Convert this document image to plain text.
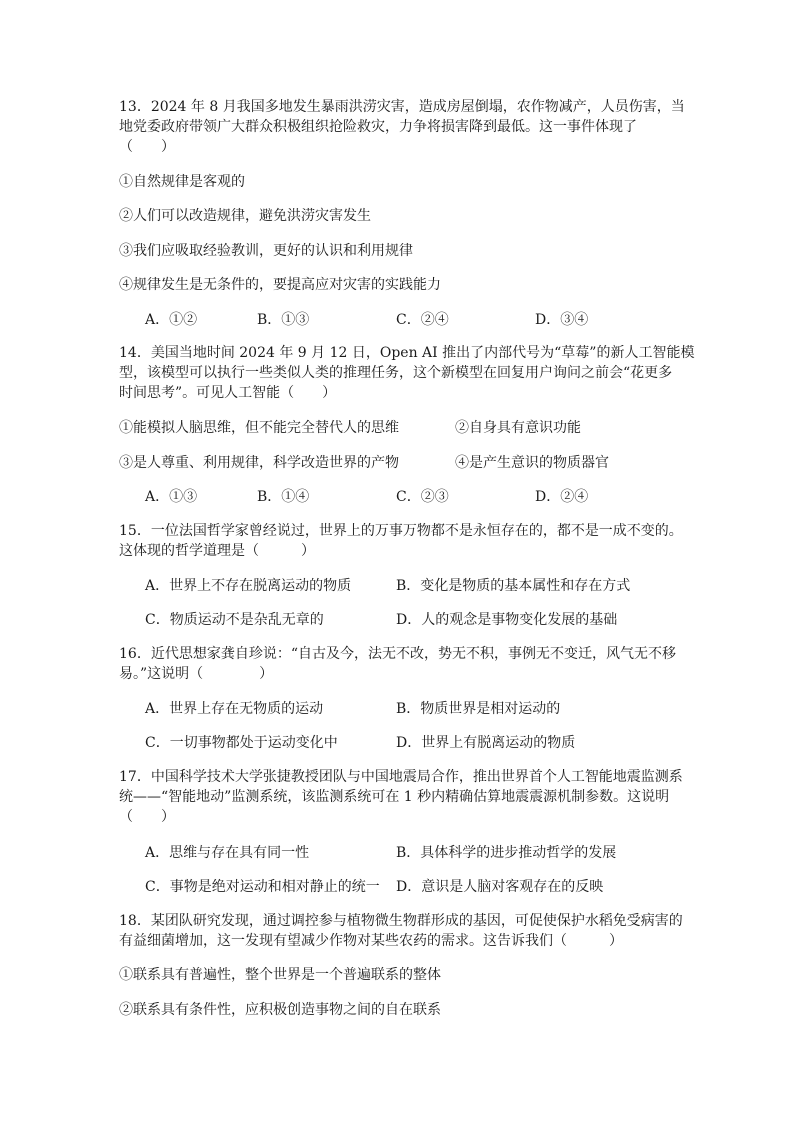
13．2024 年 8 月我国多地发生暴雨洪涝灾害，造成房屋倒塌，农作物减产，人员伤害，当
地党委政府带领广大群众积极组织抢险救灾，力争将损害降到最低。这一事件体现了
（　　）
①自然规律是客观的
②人们可以改造规律，避免洪涝灾害发生
③我们应吸取经验教训，更好的认识和利用规律
④规律发生是无条件的，要提高应对灾害的实践能力
A．①②	B．①③	C．②④	D．③④
14．美国当地时间 2024 年 9 月 12 日，Open AI 推出了内部代号为“草莓”的新人工智能模
型，该模型可以执行一些类似人类的推理任务，这个新模型在回复用户询问之前会“花更多
时间思考”。可见人工智能（　　）
①能模拟人脑思维，但不能完全替代人的思维	②自身具有意识功能
③是人尊重、利用规律，科学改造世界的产物	④是产生意识的物质器官
A．①③	B．①④	C．②③	D．②④
15．一位法国哲学家曾经说过，世界上的万事万物都不是永恒存在的，都不是一成不变的。
这体现的哲学道理是（　　　）
A．世界上不存在脱离运动的物质	B．变化是物质的基本属性和存在方式
C．物质运动不是杂乱无章的	D．人的观念是事物变化发展的基础
16．近代思想家龚自珍说：“自古及今，法无不改，势无不积，事例无不变迁，风气无不移
易。”这说明（　　　　）
A．世界上存在无物质的运动	B．物质世界是相对运动的
C．一切事物都处于运动变化中	D．世界上有脱离运动的物质
17．中国科学技术大学张捷教授团队与中国地震局合作，推出世界首个人工智能地震监测系
统——“智能地动”监测系统，该监测系统可在 1 秒内精确估算地震震源机制参数。这说明
（　　）
A．思维与存在具有同一性	B．具体科学的进步推动哲学的发展
C．事物是绝对运动和相对静止的统一 D．意识是人脑对客观存在的反映
18．某团队研究发现，通过调控参与植物微生物群形成的基因，可促使保护水稻免受病害的
有益细菌增加，这一发现有望减少作物对某些农药的需求。这告诉我们（　　　）
①联系具有普遍性，整个世界是一个普遍联系的整体
②联系具有条件性，应积极创造事物之间的自在联系
